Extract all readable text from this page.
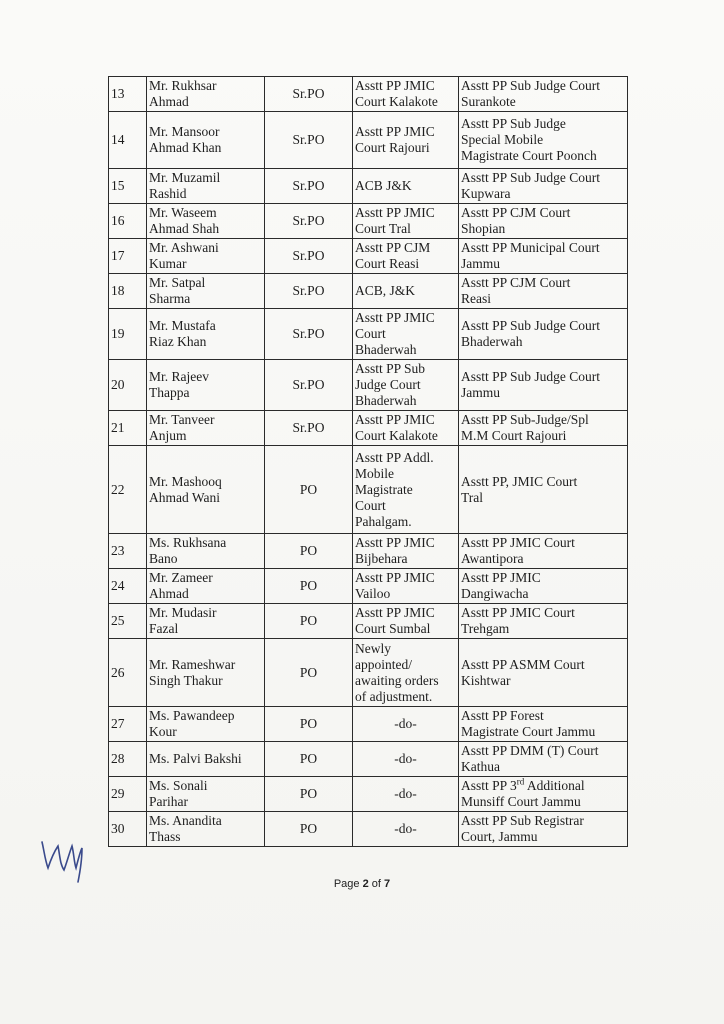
13	Mr. Rukhsar
Ahmad	Sr.PO	Asstt PP JMIC
Court Kalakote	Asstt PP Sub Judge Court
Surankote

14	Mr. Mansoor
Ahmad Khan	Sr.PO	Asstt PP JMIC
Court Rajouri	Asstt PP Sub Judge
Special Mobile
Magistrate Court Poonch

15	Mr. Muzamil
Rashid	Sr.PO	ACB J&K	Asstt PP Sub Judge Court
Kupwara

16	Mr. Waseem
Ahmad Shah	Sr.PO	Asstt PP JMIC
Court Tral	Asstt PP CJM Court
Shopian

17	Mr. Ashwani
Kumar	Sr.PO	Asstt PP CJM
Court Reasi	Asstt PP Municipal Court
Jammu

18	Mr. Satpal
Sharma	Sr.PO	ACB, J&K	Asstt PP CJM Court
Reasi

19	Mr. Mustafa
Riaz Khan	Sr.PO	Asstt PP JMIC
Court
Bhaderwah	Asstt PP Sub Judge Court
Bhaderwah

20	Mr. Rajeev
Thappa	Sr.PO	Asstt PP Sub
Judge Court
Bhaderwah	Asstt PP Sub Judge Court
Jammu

21	Mr. Tanveer
Anjum	Sr.PO	Asstt PP JMIC
Court Kalakote	Asstt PP Sub-Judge/Spl
M.M Court Rajouri

22	Mr. Mashooq
Ahmad Wani	PO	Asstt PP Addl.
Mobile
Magistrate
Court
Pahalgam.	Asstt PP, JMIC Court
Tral

23	Ms. Rukhsana
Bano	PO	Asstt PP JMIC
Bijbehara	Asstt PP JMIC Court
Awantipora

24	Mr. Zameer
Ahmad	PO	Asstt PP JMIC
Vailoo	Asstt PP JMIC
Dangiwacha

25	Mr. Mudasir
Fazal	PO	Asstt PP JMIC
Court Sumbal	Asstt PP JMIC Court
Trehgam

26	Mr. Rameshwar
Singh Thakur	PO	Newly
appointed/
awaiting orders
of adjustment.	Asstt PP ASMM Court
Kishtwar

27	Ms. Pawandeep
Kour	PO	-do-	Asstt PP Forest
Magistrate Court Jammu

28	Ms. Palvi Bakshi	PO	-do-	Asstt PP DMM (T) Court
Kathua

29	Ms. Sonali
Parihar	PO	-do-	Asstt PP 3rd Additional
Munsiff Court Jammu

30	Ms. Anandita
Thass	PO	-do-	Asstt PP Sub Registrar
Court, Jammu
Page 2 of 7
